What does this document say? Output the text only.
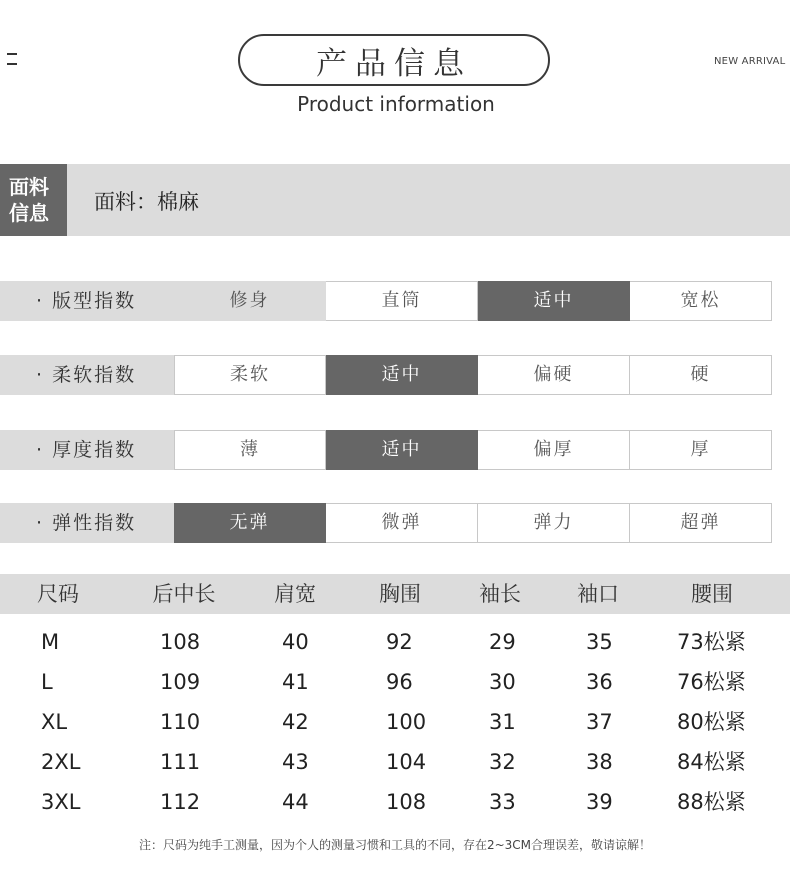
产品信息
Product information
NEW ARRIVAL
面料
信息	面料：棉麻
· 版型指数	修身	直筒	适中	宽松
· 柔软指数	柔软	适中	偏硬	硬
· 厚度指数	薄	适中	偏厚	厚
· 弹性指数	无弹	微弹	弹力	超弹
尺码	后中长	肩宽	胸围	袖长	袖口	腰围
M	108	40	92	29	35	73松紧
L	109	41	96	30	36	76松紧
XL	110	42	100	31	37	80松紧
2XL	111	43	104	32	38	84松紧
3XL	112	44	108	33	39	88松紧
注：尺码为纯手工测量，因为个人的测量习惯和工具的不同，存在2~3CM合理误差，敬请谅解！
